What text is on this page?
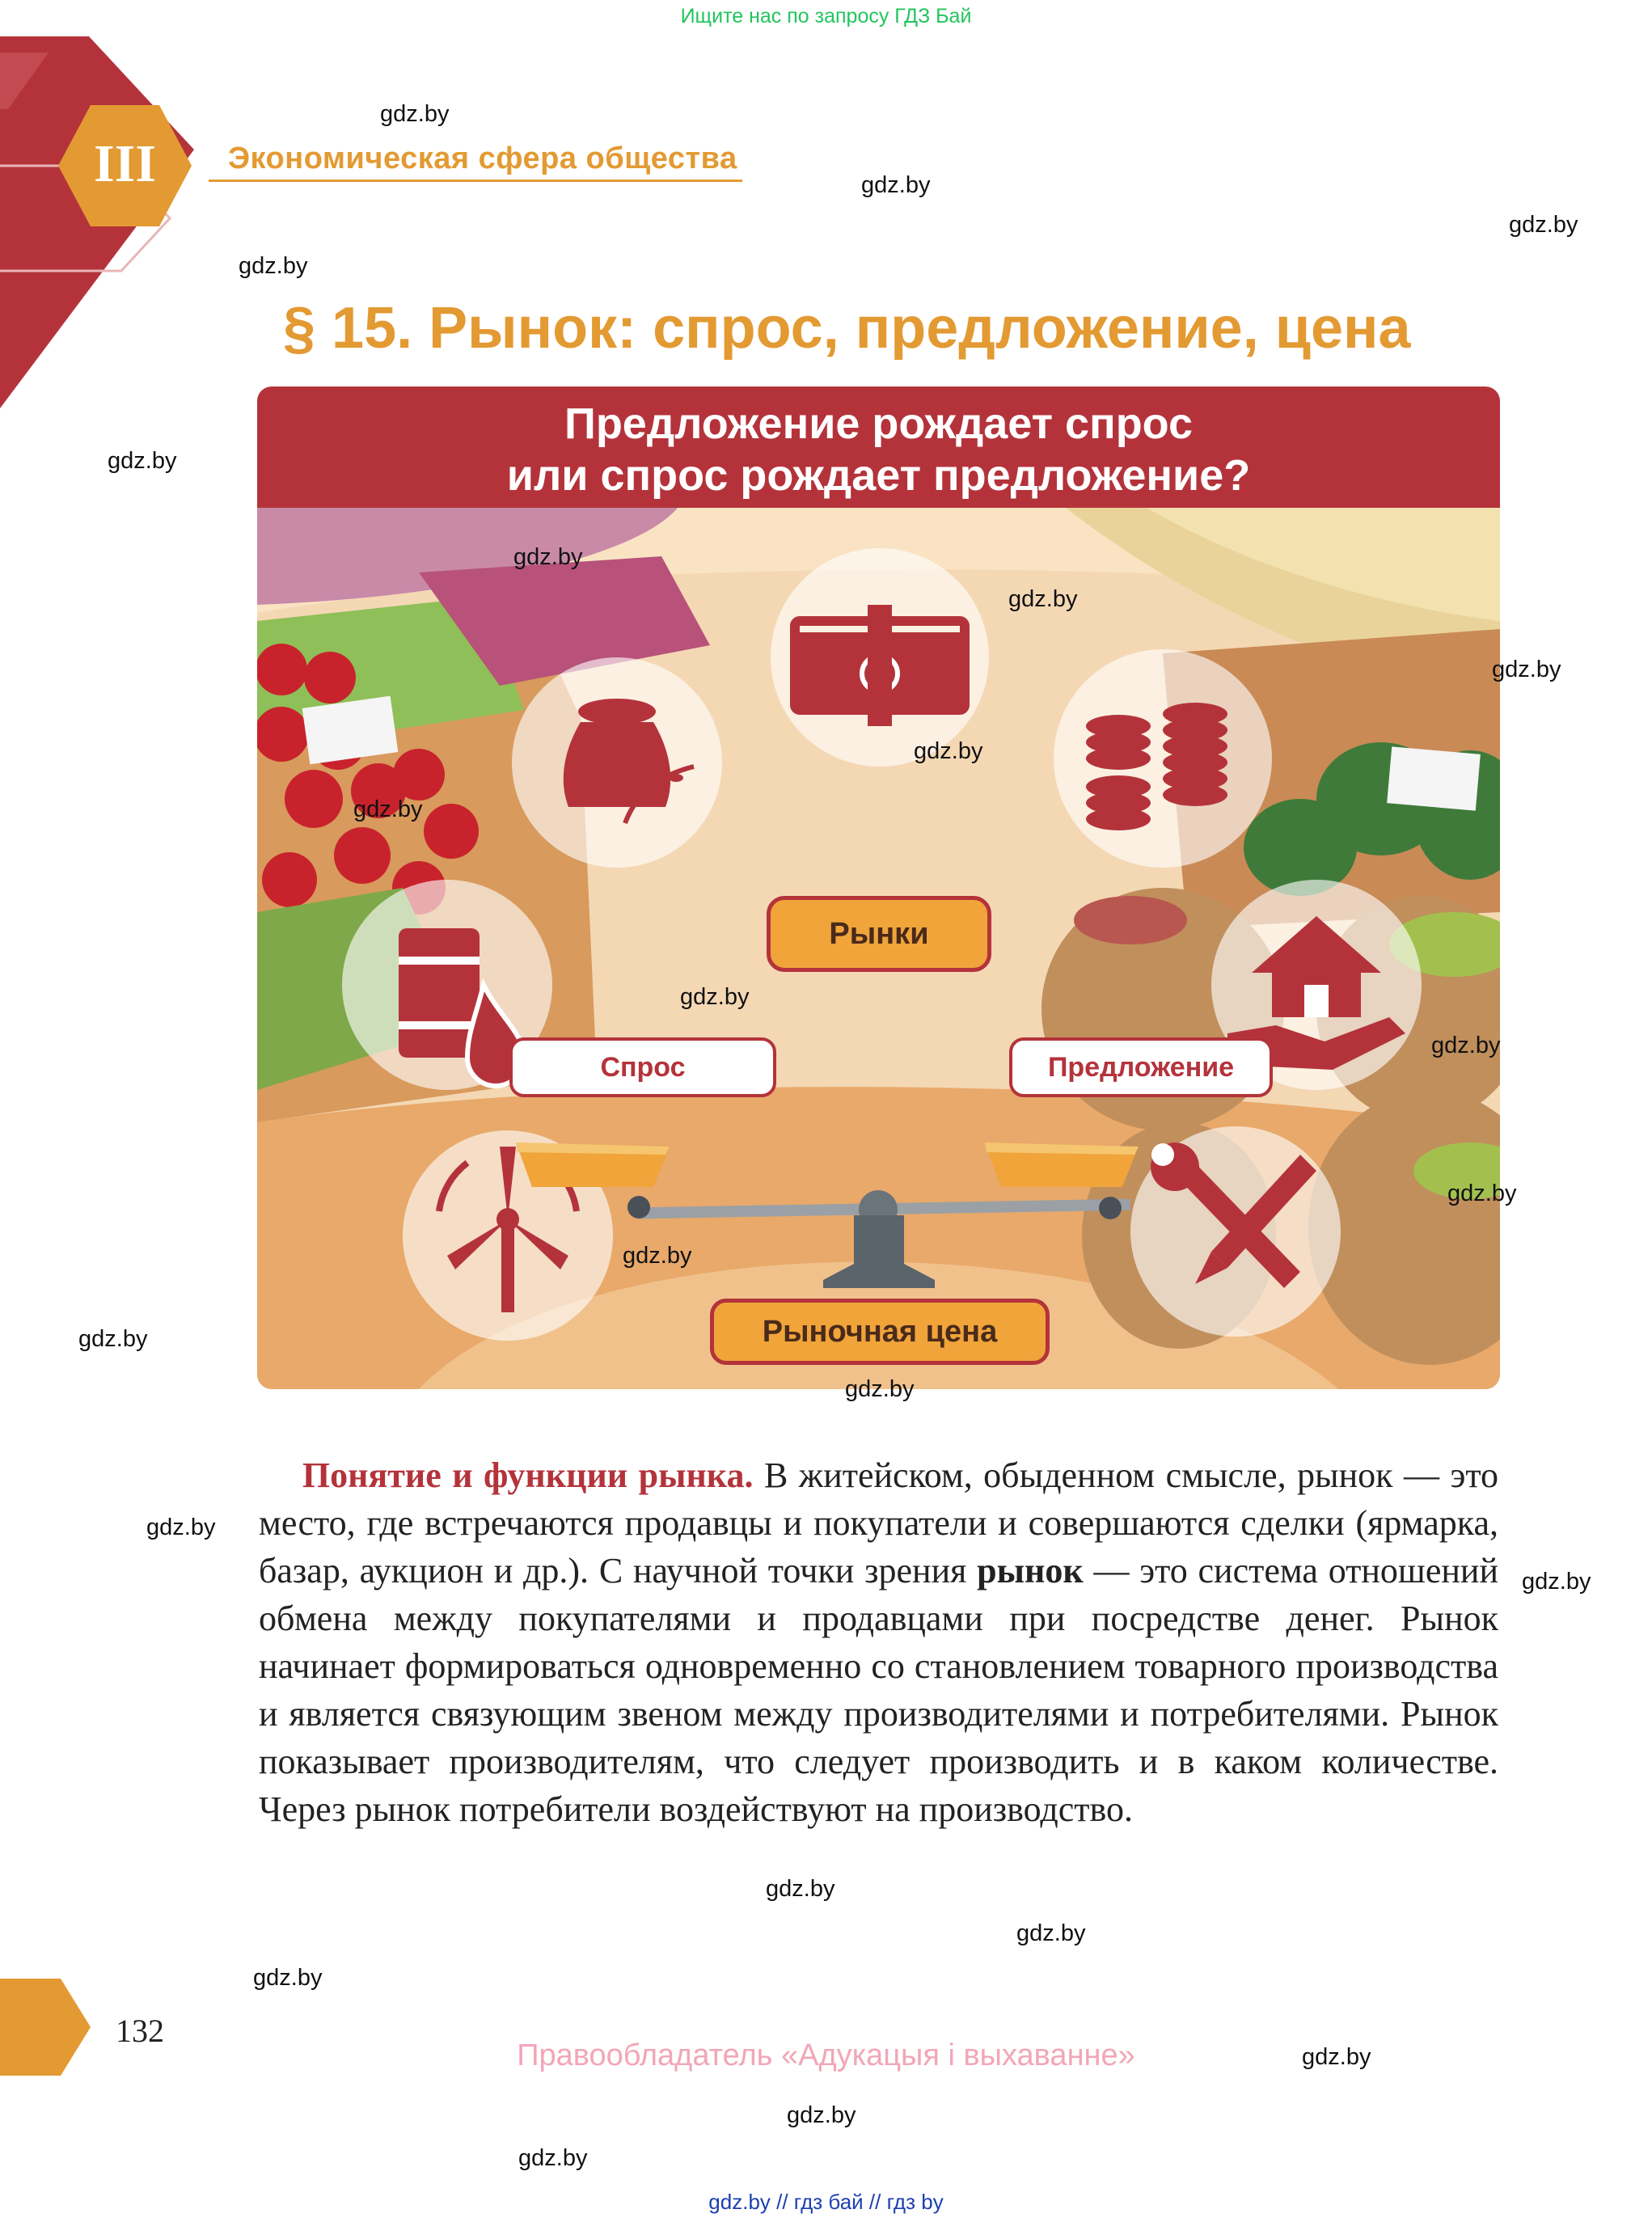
Ищите нас по запросу ГДЗ Бай
III	Экономическая сфера общества
§ 15. Рынок: спрос, предложение, цена
Предложение рождает спрос
или спрос рождает предложение?
Рынки
Спрос	Предложение
Рыночная цена
Понятие и функции рынка. В житейском, обыденном смысле, рынок — это место, где встречаются продавцы и покупатели и совершаются сделки (ярмарка, базар, аукцион и др.). С научной точки зрения рынок — это система отношений обмена между покупателями и продавцами при посредстве денег. Рынок начинает формироваться одновременно со становлением товарного производства и является связующим звеном между производителями и потребителями. Рынок показывает производителям, что следует производить и в каком количестве. Через рынок потребители воздействуют на производство.
132
Правообладатель «Адукацыя і выхаванне»
gdz.by
gdz.by
gdz.by
gdz.by
gdz.by
gdz.by
gdz.by
gdz.by
gdz.by
gdz.by
gdz.by
gdz.by
gdz.by
gdz.by
gdz.by
gdz.by
gdz.by
gdz.by
gdz.by
gdz.by
gdz.by
gdz.by
gdz.by
gdz.by
gdz.by // гдз бай // гдз by
